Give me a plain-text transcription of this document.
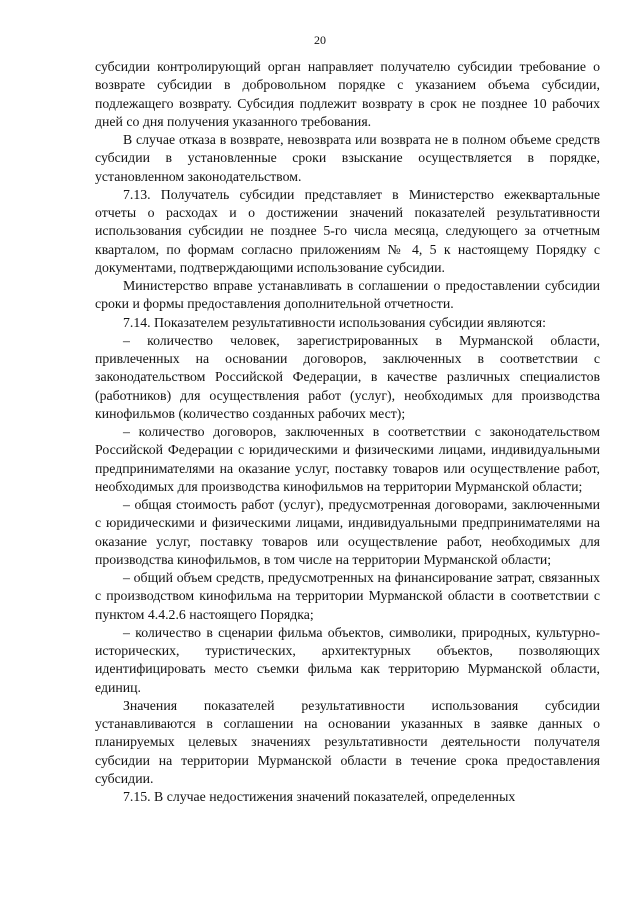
20

субсидии контролирующий орган направляет получателю субсидии требование о возврате субсидии в добровольном порядке с указанием объема субсидии, подлежащего возврату. Субсидия подлежит возврату в срок не позднее 10 рабочих дней со дня получения указанного требования.

В случае отказа в возврате, невозврата или возврата не в полном объеме средств субсидии в установленные сроки взыскание осуществляется в порядке, установленном законодательством.

7.13. Получатель субсидии представляет в Министерство ежеквартальные отчеты о расходах и о достижении значений показателей результативности использования субсидии не позднее 5-го числа месяца, следующего за отчетным кварталом, по формам согласно приложениям № 4, 5 к настоящему Порядку с документами, подтверждающими использование субсидии.

Министерство вправе устанавливать в соглашении о предоставлении субсидии сроки и формы предоставления дополнительной отчетности.

7.14. Показателем результативности использования субсидии являются:

– количество человек, зарегистрированных в Мурманской области, привлеченных на основании договоров, заключенных в соответствии с законодательством Российской Федерации, в качестве различных специалистов (работников) для осуществления работ (услуг), необходимых для производства кинофильмов (количество созданных рабочих мест);

– количество договоров, заключенных в соответствии с законодательством Российской Федерации с юридическими и физическими лицами, индивидуальными предпринимателями на оказание услуг, поставку товаров или осуществление работ, необходимых для производства кинофильмов на территории Мурманской области;

– общая стоимость работ (услуг), предусмотренная договорами, заключенными с юридическими и физическими лицами, индивидуальными предпринимателями на оказание услуг, поставку товаров или осуществление работ, необходимых для производства кинофильмов, в том числе на территории Мурманской области;

– общий объем средств, предусмотренных на финансирование затрат, связанных с производством кинофильма на территории Мурманской области в соответствии с пунктом 4.4.2.6 настоящего Порядка;

– количество в сценарии фильма объектов, символики, природных, культурно-исторических, туристических, архитектурных объектов, позволяющих идентифицировать место съемки фильма как территорию Мурманской области, единиц.

Значения показателей результативности использования субсидии устанавливаются в соглашении на основании указанных в заявке данных о планируемых целевых значениях результативности деятельности получателя субсидии на территории Мурманской области в течение срока предоставления субсидии.

7.15. В случае недостижения значений показателей, определенных
